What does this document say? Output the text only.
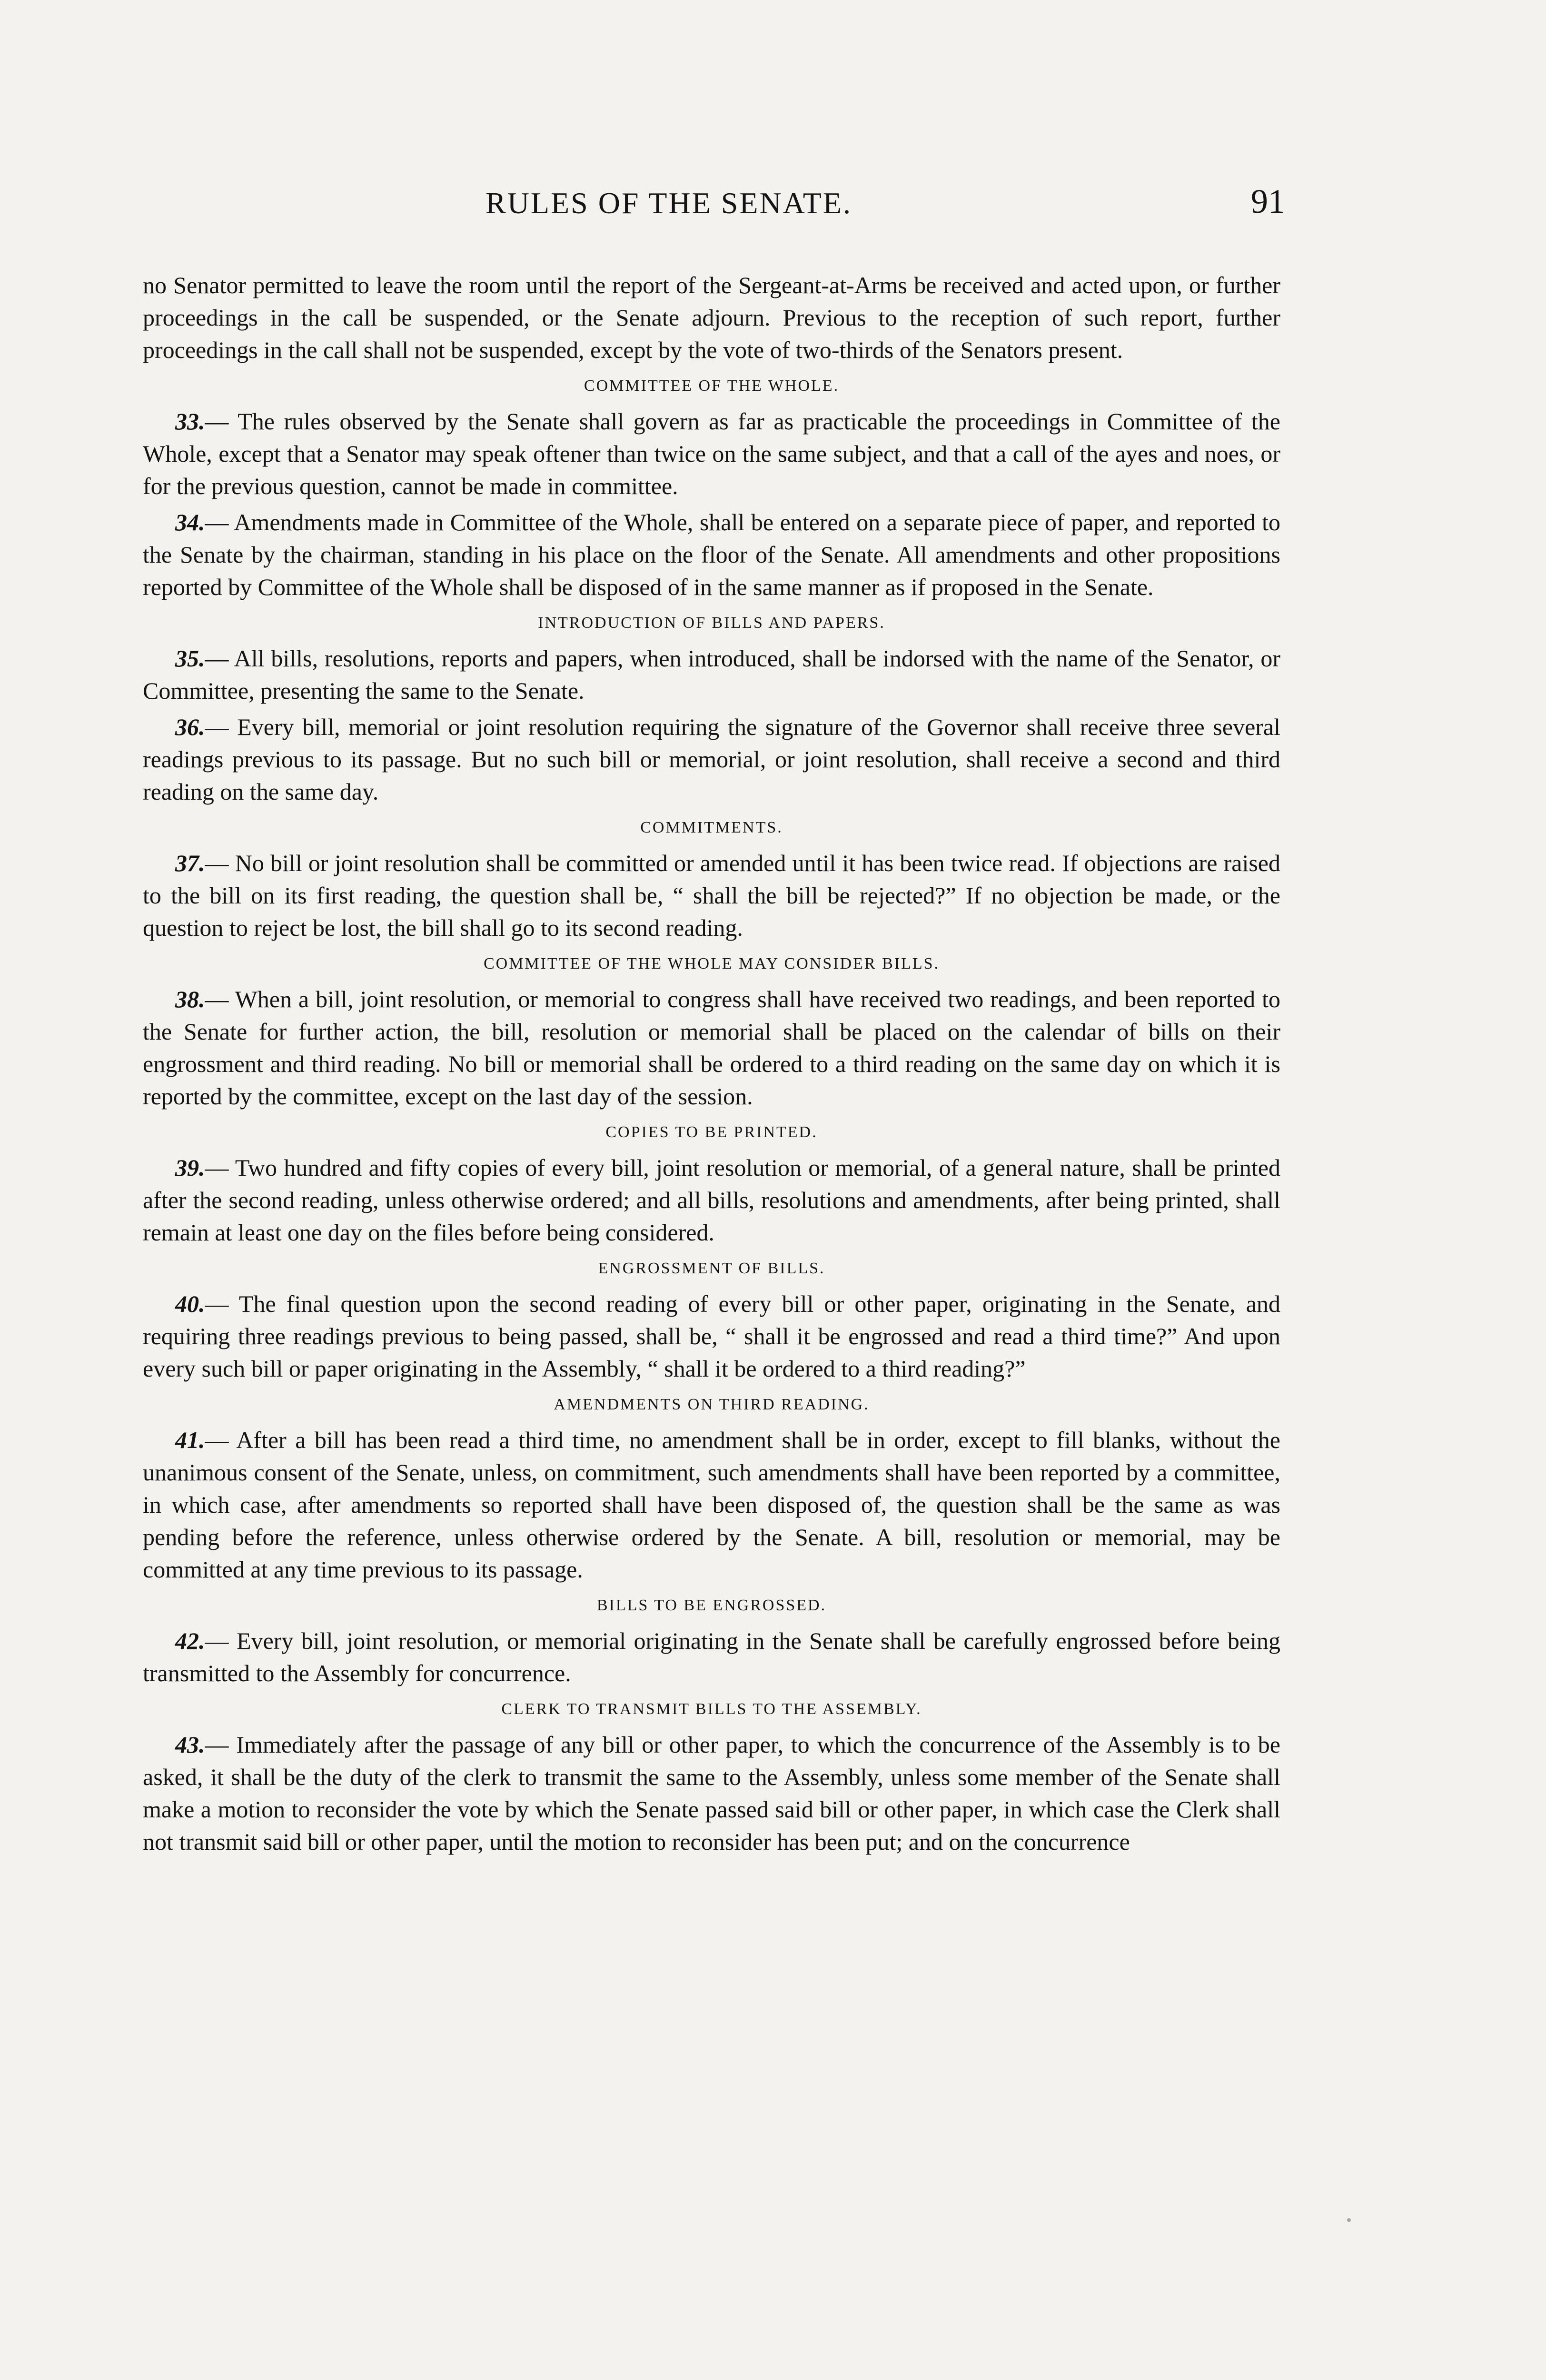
RULES OF THE SENATE.	91

no Senator permitted to leave the room until the report of the Sergeant-at-Arms be received and acted upon, or further proceedings in the call be suspended, or the Senate adjourn. Previous to the reception of such report, further proceedings in the call shall not be suspended, except by the vote of two-thirds of the Senators present.

COMMITTEE OF THE WHOLE.

33.— The rules observed by the Senate shall govern as far as practicable the proceedings in Committee of the Whole, except that a Senator may speak oftener than twice on the same subject, and that a call of the ayes and noes, or for the previous question, cannot be made in committee.

34.— Amendments made in Committee of the Whole, shall be entered on a separate piece of paper, and reported to the Senate by the chairman, standing in his place on the floor of the Senate. All amendments and other propositions reported by Committee of the Whole shall be disposed of in the same manner as if proposed in the Senate.

INTRODUCTION OF BILLS AND PAPERS.

35.— All bills, resolutions, reports and papers, when introduced, shall be indorsed with the name of the Senator, or Committee, presenting the same to the Senate.

36.— Every bill, memorial or joint resolution requiring the signature of the Governor shall receive three several readings previous to its passage. But no such bill or memorial, or joint resolution, shall receive a second and third reading on the same day.

COMMITMENTS.

37.— No bill or joint resolution shall be committed or amended until it has been twice read. If objections are raised to the bill on its first reading, the question shall be, “ shall the bill be rejected?” If no objection be made, or the question to reject be lost, the bill shall go to its second reading.

COMMITTEE OF THE WHOLE MAY CONSIDER BILLS.

38.— When a bill, joint resolution, or memorial to congress shall have received two readings, and been reported to the Senate for further action, the bill, resolution or memorial shall be placed on the calendar of bills on their engrossment and third reading. No bill or memorial shall be ordered to a third reading on the same day on which it is reported by the committee, except on the last day of the session.

COPIES TO BE PRINTED.

39.— Two hundred and fifty copies of every bill, joint resolution or memorial, of a general nature, shall be printed after the second reading, unless otherwise ordered; and all bills, resolutions and amendments, after being printed, shall remain at least one day on the files before being considered.

ENGROSSMENT OF BILLS.

40.— The final question upon the second reading of every bill or other paper, originating in the Senate, and requiring three readings previous to being passed, shall be, “ shall it be engrossed and read a third time?” And upon every such bill or paper originating in the Assembly, “ shall it be ordered to a third reading?”

AMENDMENTS ON THIRD READING.

41.— After a bill has been read a third time, no amendment shall be in order, except to fill blanks, without the unanimous consent of the Senate, unless, on commitment, such amendments shall have been reported by a committee, in which case, after amendments so reported shall have been disposed of, the question shall be the same as was pending before the reference, unless otherwise ordered by the Senate. A bill, resolution or memorial, may be committed at any time previous to its passage.

BILLS TO BE ENGROSSED.

42.— Every bill, joint resolution, or memorial originating in the Senate shall be carefully engrossed before being transmitted to the Assembly for concurrence.

CLERK TO TRANSMIT BILLS TO THE ASSEMBLY.

43.— Immediately after the passage of any bill or other paper, to which the concurrence of the Assembly is to be asked, it shall be the duty of the clerk to transmit the same to the Assembly, unless some member of the Senate shall make a motion to reconsider the vote by which the Senate passed said bill or other paper, in which case the Clerk shall not transmit said bill or other paper, until the motion to reconsider has been put; and on the concurrence
